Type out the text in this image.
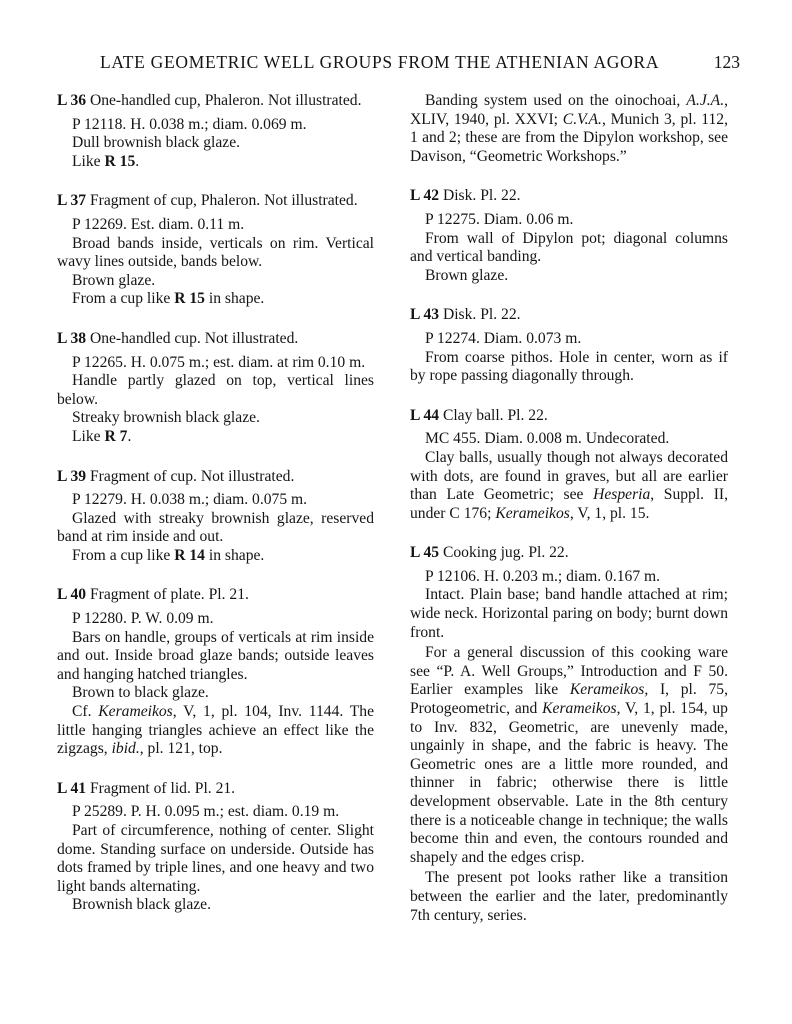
LATE GEOMETRIC WELL GROUPS FROM THE ATHENIAN AGORA	123
L 36 One-handled cup, Phaleron. Not illustrated.

P 12118. H. 0.038 m.; diam. 0.069 m.

Dull brownish black glaze.

Like R 15.

L 37 Fragment of cup, Phaleron. Not illustrated.

P 12269. Est. diam. 0.11 m.

Broad bands inside, verticals on rim. Vertical wavy lines outside, bands below.

Brown glaze.

From a cup like R 15 in shape.

L 38 One-handled cup. Not illustrated.

P 12265. H. 0.075 m.; est. diam. at rim 0.10 m.

Handle partly glazed on top, vertical lines below.

Streaky brownish black glaze.

Like R 7.

L 39 Fragment of cup. Not illustrated.

P 12279. H. 0.038 m.; diam. 0.075 m.

Glazed with streaky brownish glaze, reserved band at rim inside and out.

From a cup like R 14 in shape.

L 40 Fragment of plate. Pl. 21.

P 12280. P. W. 0.09 m.

Bars on handle, groups of verticals at rim inside and out. Inside broad glaze bands; outside leaves and hanging hatched triangles.

Brown to black glaze.

Cf. Kerameikos, V, 1, pl. 104, Inv. 1144. The little hanging triangles achieve an effect like the zigzags, ibid., pl. 121, top.

L 41 Fragment of lid. Pl. 21.

P 25289. P. H. 0.095 m.; est. diam. 0.19 m.

Part of circumference, nothing of center. Slight dome. Standing surface on underside. Outside has dots framed by triple lines, and one heavy and two light bands alternating.

Brownish black glaze.

Banding system used on the oinochoai, A.J.A., XLIV, 1940, pl. XXVI; C.V.A., Munich 3, pl. 112, 1 and 2; these are from the Dipylon workshop, see Davison, “Geometric Workshops.”

L 42 Disk. Pl. 22.

P 12275. Diam. 0.06 m.

From wall of Dipylon pot; diagonal columns and vertical banding.

Brown glaze.

L 43 Disk. Pl. 22.

P 12274. Diam. 0.073 m.

From coarse pithos. Hole in center, worn as if by rope passing diagonally through.

L 44 Clay ball. Pl. 22.

MC 455. Diam. 0.008 m. Undecorated.

Clay balls, usually though not always decorated with dots, are found in graves, but all are earlier than Late Geometric; see Hesperia, Suppl. II, under C 176; Kerameikos, V, 1, pl. 15.

L 45 Cooking jug. Pl. 22.

P 12106. H. 0.203 m.; diam. 0.167 m.

Intact. Plain base; band handle attached at rim; wide neck. Horizontal paring on body; burnt down front.

For a general discussion of this cooking ware see “P. A. Well Groups,” Introduction and F 50. Earlier examples like Kerameikos, I, pl. 75, Protogeometric, and Kerameikos, V, 1, pl. 154, up to Inv. 832, Geometric, are unevenly made, ungainly in shape, and the fabric is heavy. The Geometric ones are a little more rounded, and thinner in fabric; otherwise there is little development observable. Late in the 8th century there is a noticeable change in technique; the walls become thin and even, the contours rounded and shapely and the edges crisp.

The present pot looks rather like a transition between the earlier and the later, predominantly 7th century, series.
